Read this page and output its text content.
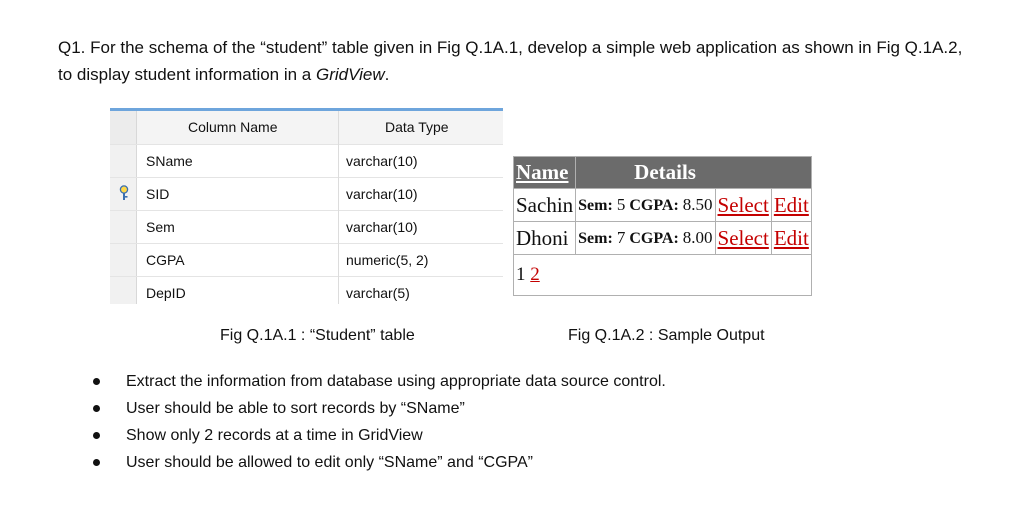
Q1. For the schema of the “student” table given in Fig Q.1A.1, develop a simple web application as shown in Fig Q.1A.2, to display student information in a GridView.

Column Name	Data Type
SName	varchar(10)
SID	varchar(10)
Sem	varchar(10)
CGPA	numeric(5, 2)
DepID	varchar(5)
Name	Details		
Sachin	Sem: 5 CGPA: 8.50	Select	Edit
Dhoni	Sem: 7 CGPA: 8.00	Select	Edit
1 2			
Fig Q.1A.1 : “Student” table	Fig Q.1A.2 : Sample Output
Extract the information from database using appropriate data source control.
User should be able to sort records by “SName”
Show only 2 records at a time in GridView
User should be allowed to edit only “SName” and “CGPA”
